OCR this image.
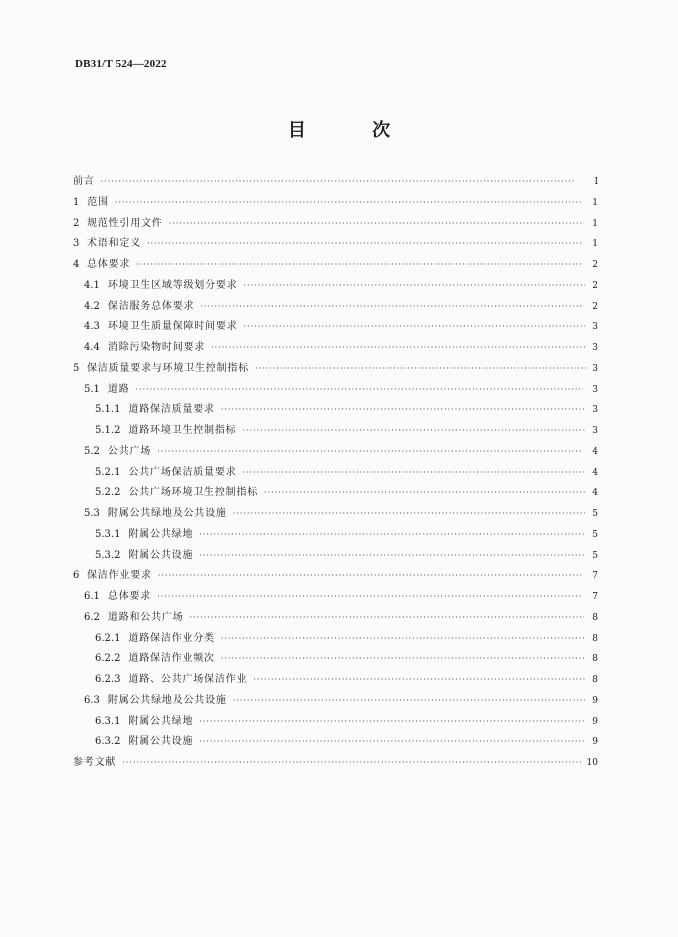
DB31/T 524—2022
目 次
前言 ·····	I
1 范围 ·····	1
2 规范性引用文件 ·····	1
3 术语和定义 ·····	1
4 总体要求 ·····	2
4.1 环境卫生区域等级划分要求 ·····	2
4.2 保洁服务总体要求 ·····	2
4.3 环境卫生质量保障时间要求 ·····	3
4.4 消除污染物时间要求 ·····	3
5 保洁质量要求与环境卫生控制指标 ·····	3
5.1 道路 ·····	3
5.1.1 道路保洁质量要求 ·····	3
5.1.2 道路环境卫生控制指标 ·····	3
5.2 公共广场 ·····	4
5.2.1 公共广场保洁质量要求 ·····	4
5.2.2 公共广场环境卫生控制指标 ·····	4
5.3 附属公共绿地及公共设施 ·····	5
5.3.1 附属公共绿地 ·····	5
5.3.2 附属公共设施 ·····	5
6 保洁作业要求 ·····	7
6.1 总体要求 ·····	7
6.2 道路和公共广场 ·····	8
6.2.1 道路保洁作业分类 ·····	8
6.2.2 道路保洁作业频次 ·····	8
6.2.3 道路、公共广场保洁作业 ·····	8
6.3 附属公共绿地及公共设施 ·····	9
6.3.1 附属公共绿地 ·····	9
6.3.2 附属公共设施 ·····	9
参考文献 ·····	10
